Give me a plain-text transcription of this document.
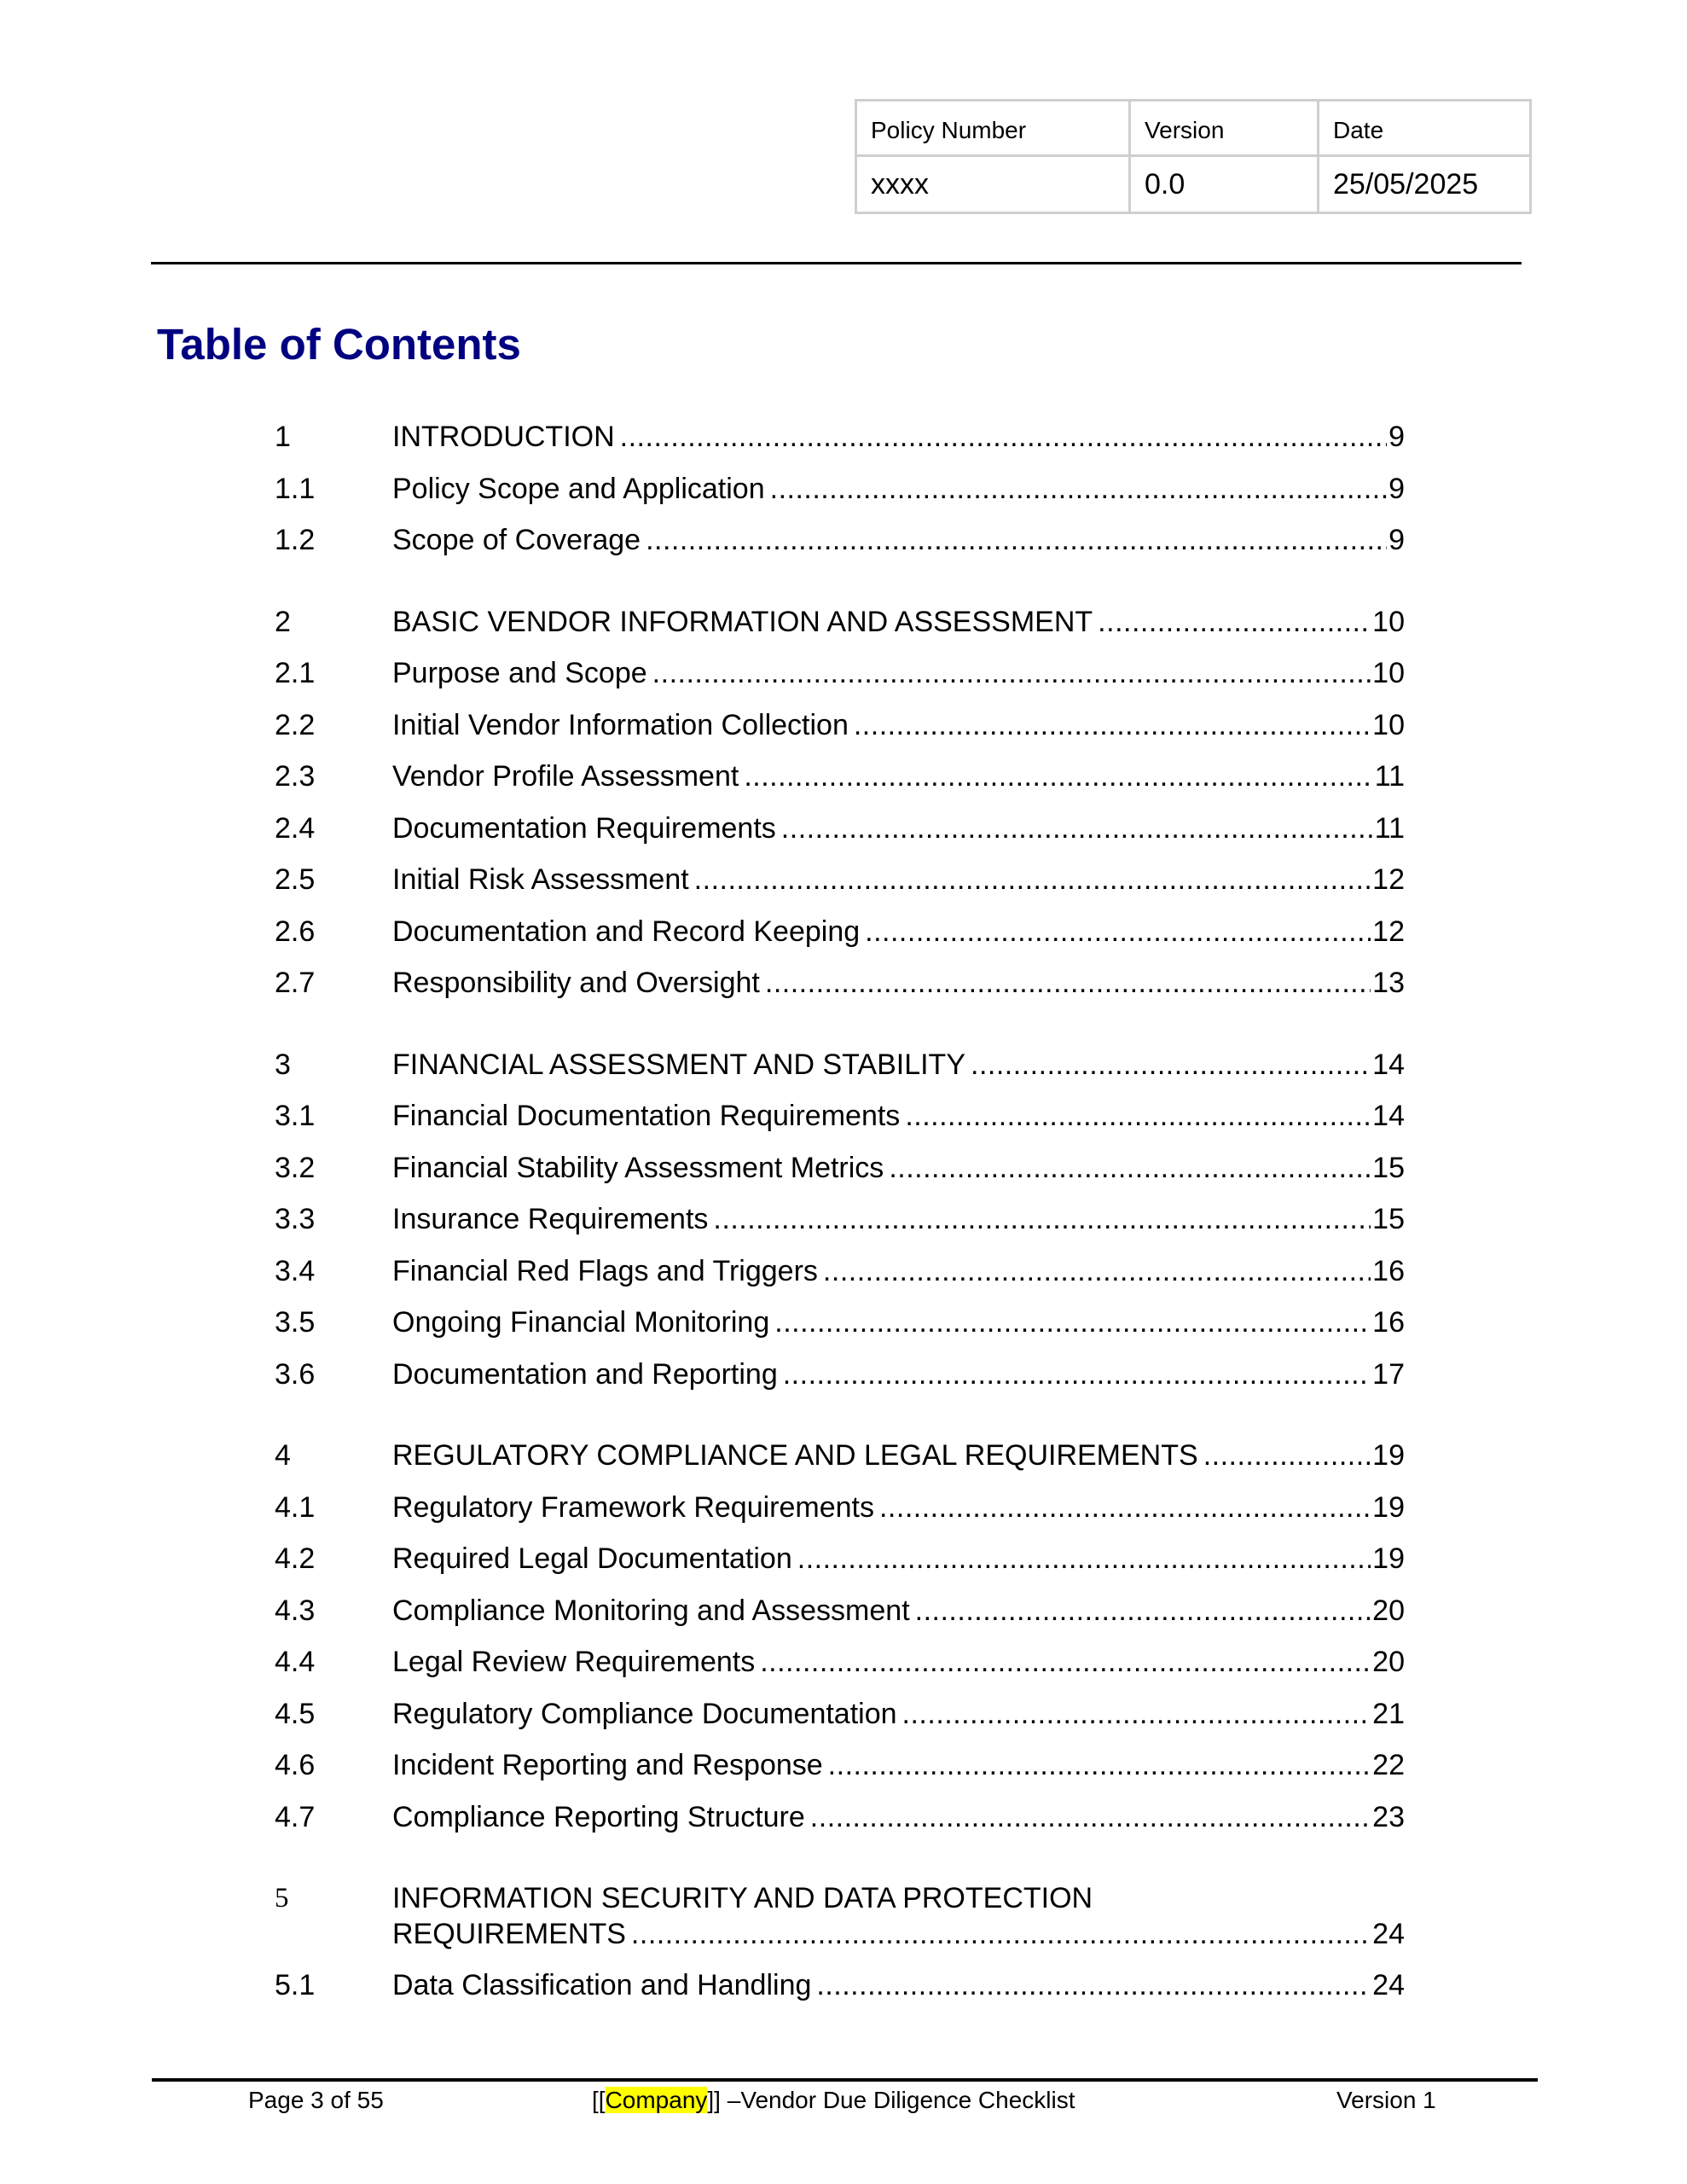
Policy Number	Version	Date
xxxx	0.0	25/05/2025
Table of Contents
1	INTRODUCTION .....	9
1.1	Policy Scope and Application .....	9
1.2	Scope of Coverage .....	9
2	BASIC VENDOR INFORMATION AND ASSESSMENT .....	10
2.1	Purpose and Scope .....	10
2.2	Initial Vendor Information Collection .....	10
2.3	Vendor Profile Assessment .....	11
2.4	Documentation Requirements .....	11
2.5	Initial Risk Assessment .....	12
2.6	Documentation and Record Keeping .....	12
2.7	Responsibility and Oversight .....	13
3	FINANCIAL ASSESSMENT AND STABILITY .....	14
3.1	Financial Documentation Requirements .....	14
3.2	Financial Stability Assessment Metrics .....	15
3.3	Insurance Requirements .....	15
3.4	Financial Red Flags and Triggers .....	16
3.5	Ongoing Financial Monitoring .....	16
3.6	Documentation and Reporting .....	17
4	REGULATORY COMPLIANCE AND LEGAL REQUIREMENTS .....	19
4.1	Regulatory Framework Requirements .....	19
4.2	Required Legal Documentation .....	19
4.3	Compliance Monitoring and Assessment .....	20
4.4	Legal Review Requirements .....	20
4.5	Regulatory Compliance Documentation .....	21
4.6	Incident Reporting and Response .....	22
4.7	Compliance Reporting Structure .....	23
5	INFORMATION SECURITY AND DATA PROTECTION
REQUIREMENTS .....	24
5.1	Data Classification and Handling .....	24
Page 3 of 55	[[Company]] –Vendor Due Diligence Checklist	Version 1
